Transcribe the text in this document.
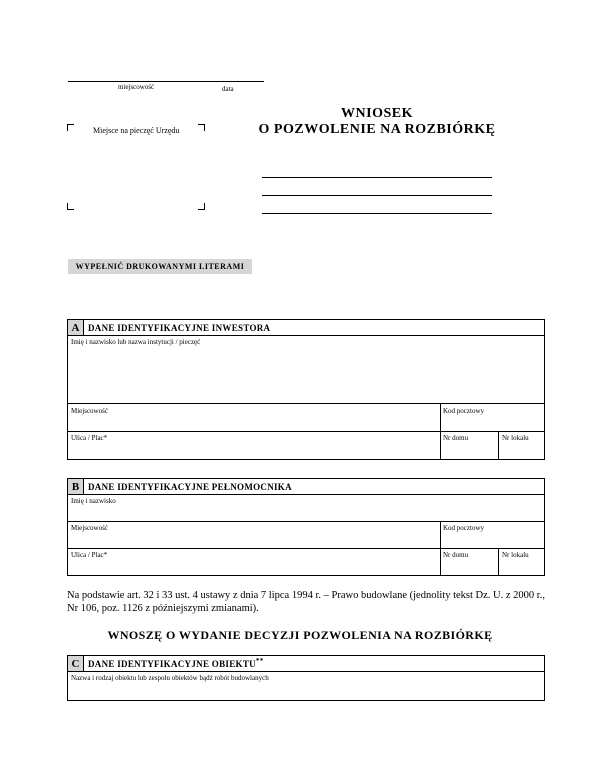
miejscowość	data
Miejsce na pieczęć Urzędu
WNIOSEK
O POZWOLENIE NA ROZBIÓRKĘ
WYPEŁNIĆ DRUKOWANYMI LITERAMI
A DANE IDENTYFIKACYJNE INWESTORA
Imię i nazwisko lub nazwa instytucji / pieczęć
Miejscowość	Kod pocztowy
Ulica / Plac*	Nr domu	Nr lokalu
B DANE IDENTYFIKACYJNE PEŁNOMOCNIKA
Imię i nazwisko
Miejscowość	Kod pocztowy
Ulica / Plac*	Nr domu	Nr lokalu
Na podstawie art. 32 i 33 ust. 4 ustawy z dnia 7 lipca 1994 r. – Prawo budowlane (jednolity tekst Dz. U. z 2000 r., Nr 106, poz. 1126 z późniejszymi zmianami).
WNOSZĘ O WYDANIE DECYZJI POZWOLENIA NA ROZBIÓRKĘ
C DANE IDENTYFIKACYJNE OBIEKTU**
Nazwa i rodzaj obiektu lub zespołu obiektów bądź robót budowlanych
